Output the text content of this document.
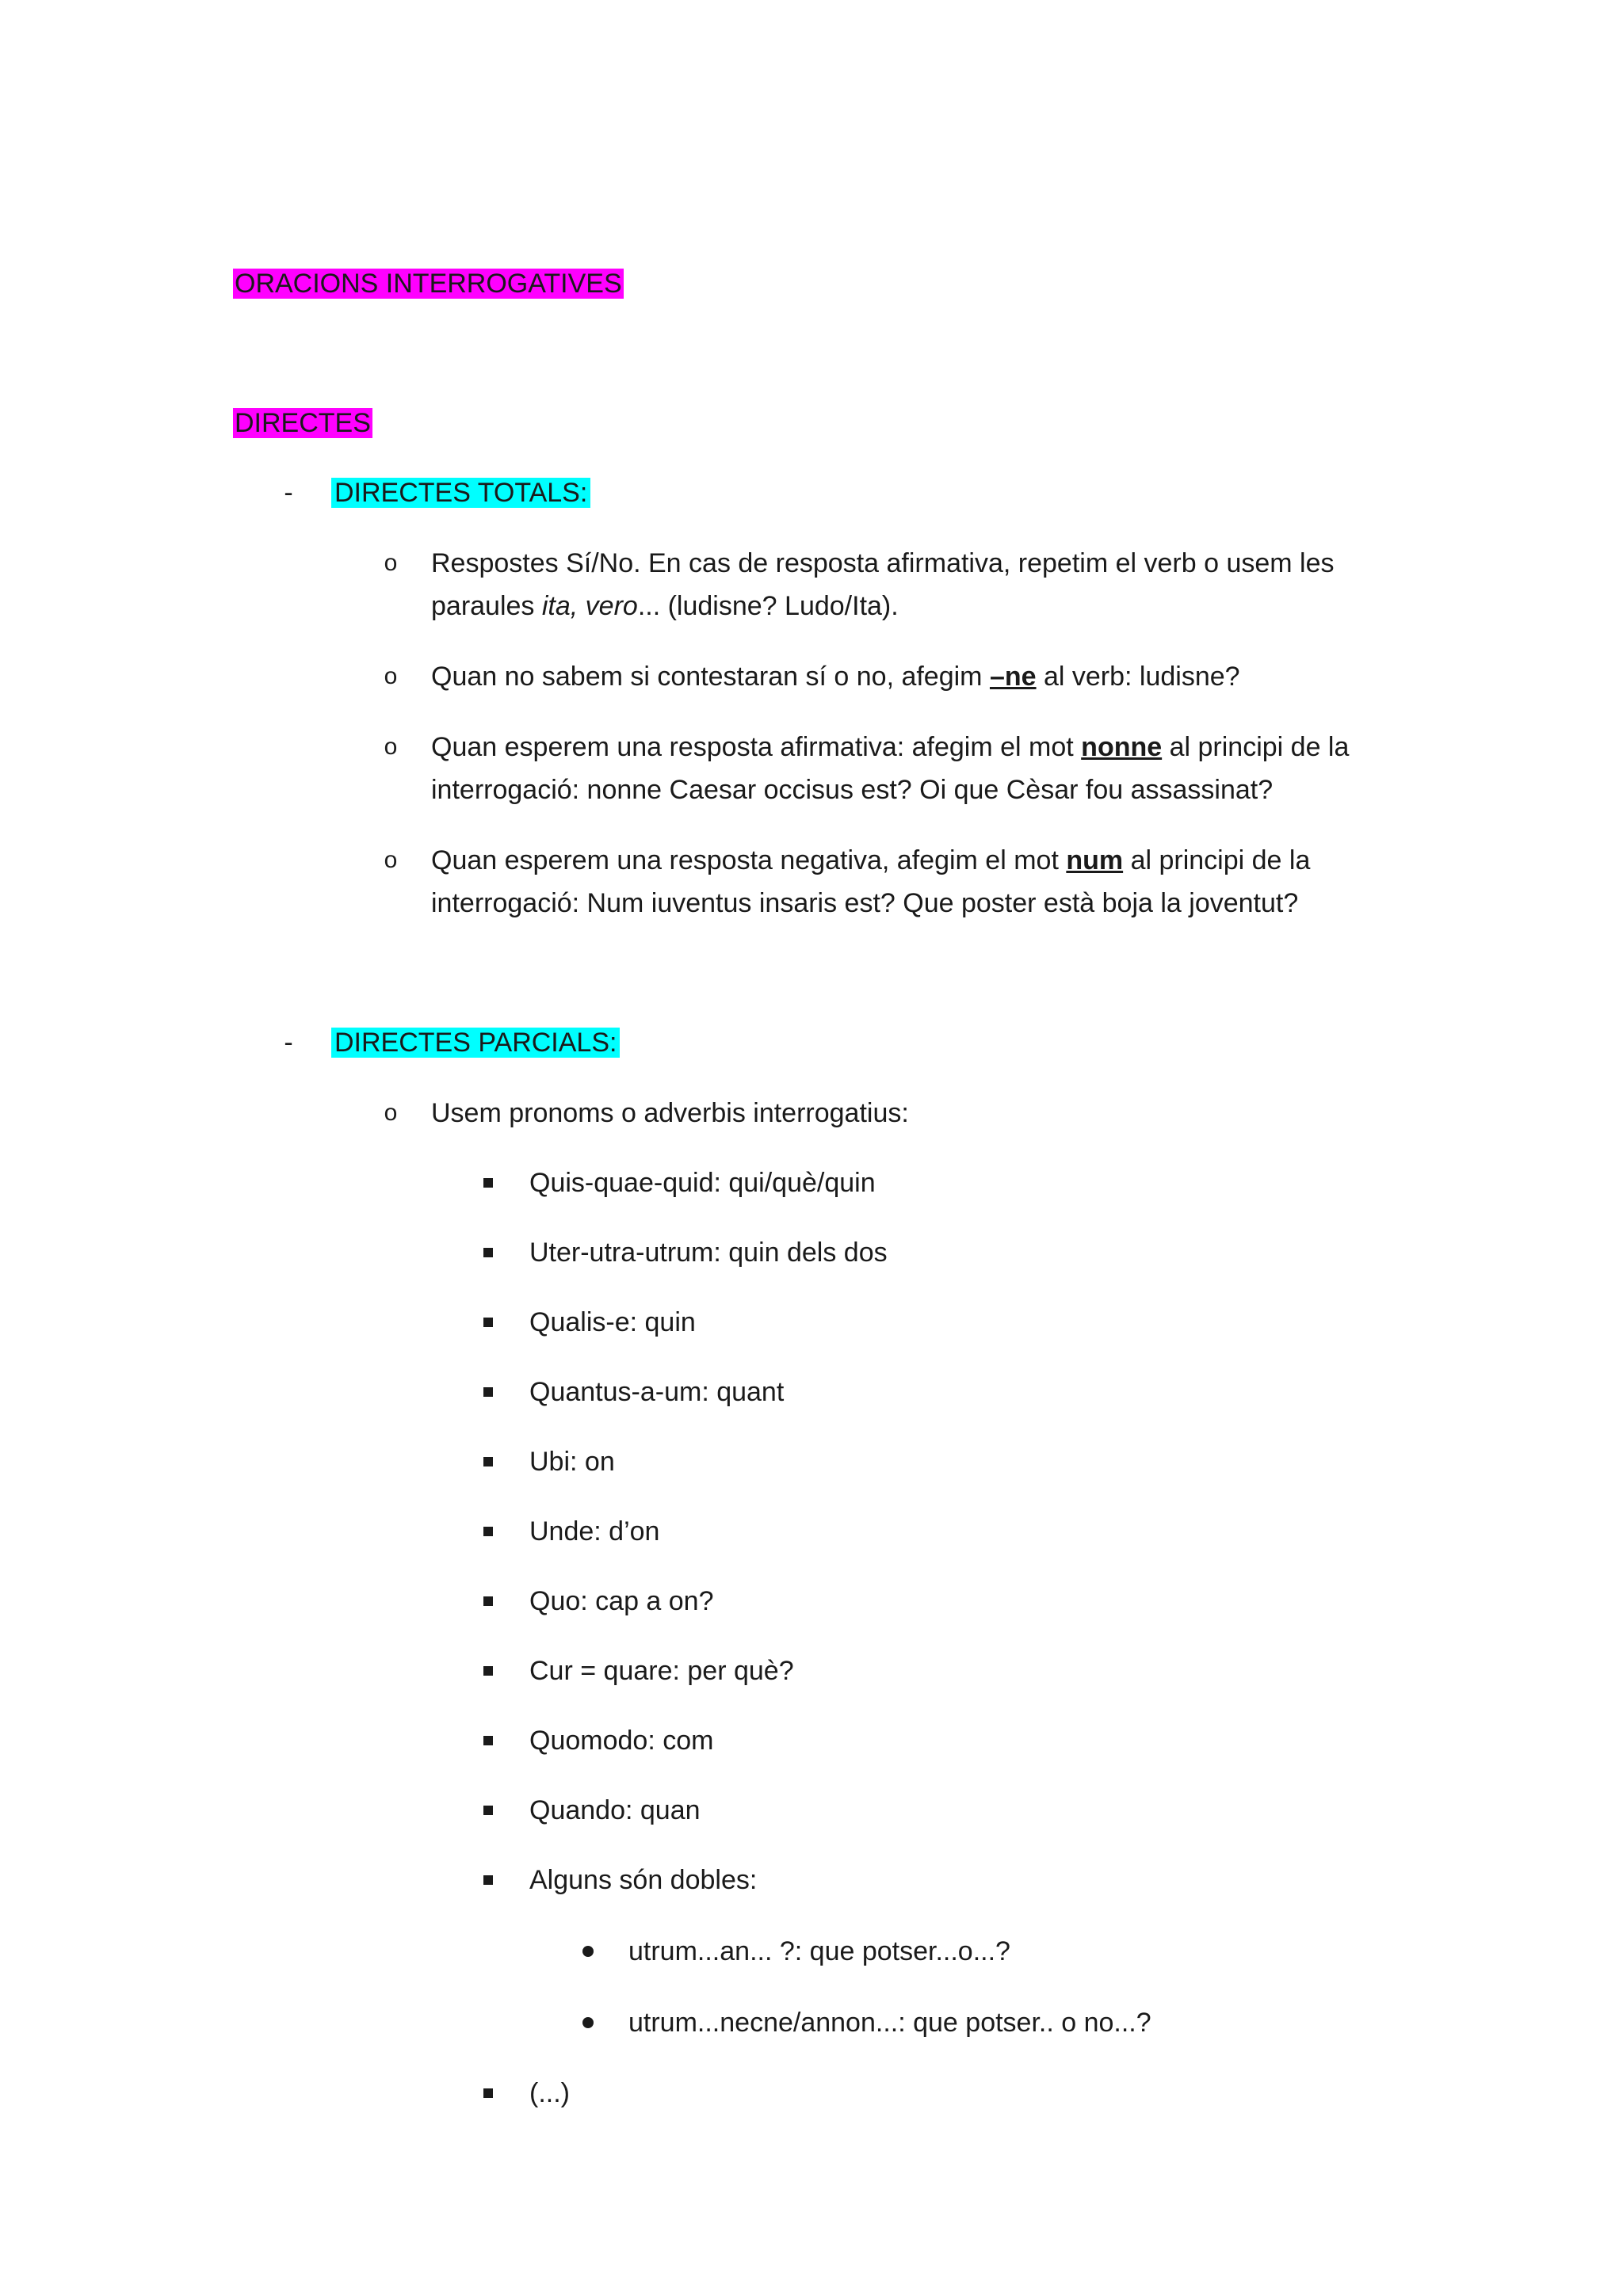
ORACIONS INTERROGATIVES
DIRECTES
- DIRECTES TOTALS:
o Respostes Sí/No. En cas de resposta afirmativa, repetim el verb o usem les
paraules ita, vero... (ludisne? Ludo/Ita).
o Quan no sabem si contestaran sí o no, afegim –ne al verb: ludisne?
o Quan esperem una resposta afirmativa: afegim el mot nonne al principi de la
interrogació: nonne Caesar occisus est? Oi que Cèsar fou assassinat?
o Quan esperem una resposta negativa, afegim el mot num al principi de la
interrogació: Num iuventus insaris est? Que poster està boja la joventut?
- DIRECTES PARCIALS:
o Usem pronoms o adverbis interrogatius:
Quis-quae-quid: qui/què/quin
Uter-utra-utrum: quin dels dos
Qualis-e: quin
Quantus-a-um: quant
Ubi: on
Unde: d’on
Quo: cap a on?
Cur = quare: per què?
Quomodo: com
Quando: quan
Alguns són dobles:
utrum...an... ?: que potser...o...?
utrum...necne/annon...: que potser.. o no...?
(...)
